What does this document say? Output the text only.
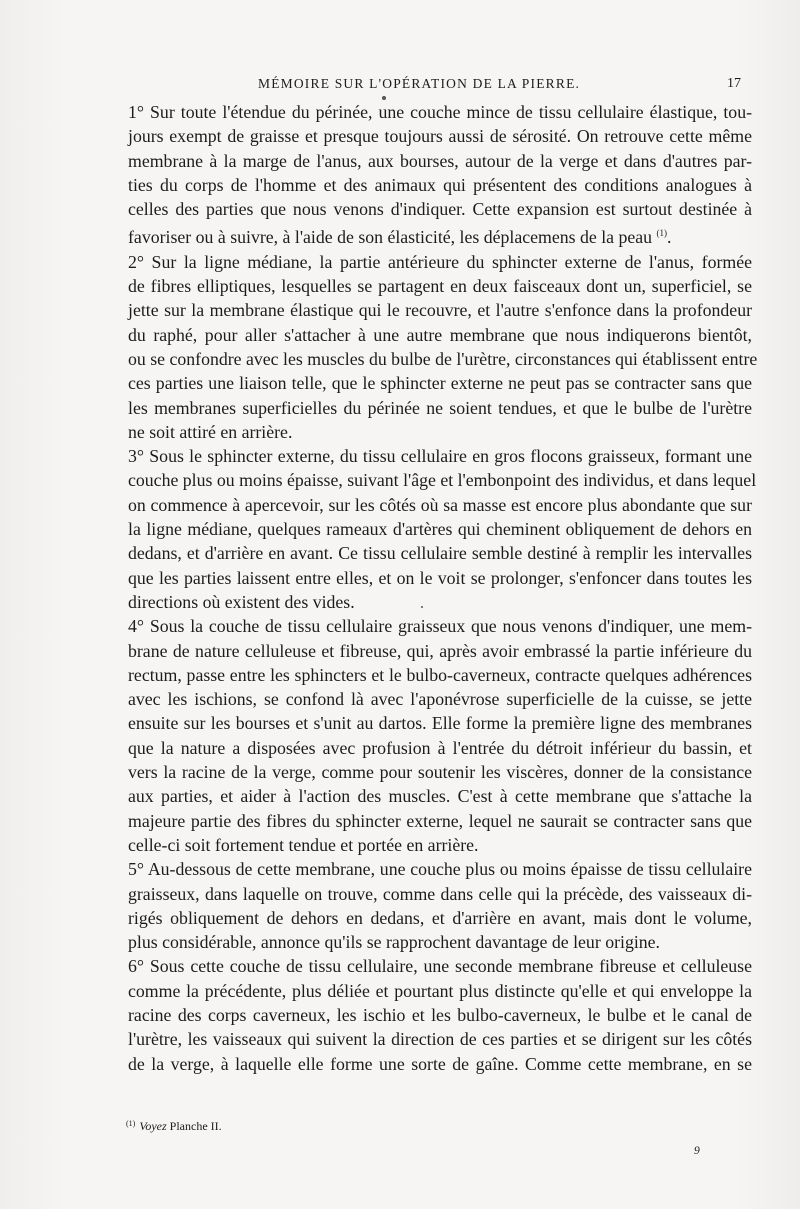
MÉMOIRE SUR L'OPÉRATION DE LA PIERRE.	17

1° Sur toute l'étendue du périnée, une couche mince de tissu cellulaire élastique, tou-
jours exempt de graisse et presque toujours aussi de sérosité. On retrouve cette même
membrane à la marge de l'anus, aux bourses, autour de la verge et dans d'autres par-
ties du corps de l'homme et des animaux qui présentent des conditions analogues à
celles des parties que nous venons d'indiquer. Cette expansion est surtout destinée à
favoriser ou à suivre, à l'aide de son élasticité, les déplacemens de la peau $^{(1)}$.

2° Sur la ligne médiane, la partie antérieure du sphincter externe de l'anus, formée
de fibres elliptiques, lesquelles se partagent en deux faisceaux dont un, superficiel, se
jette sur la membrane élastique qui le recouvre, et l'autre s'enfonce dans la profondeur
du raphé, pour aller s'attacher à une autre membrane que nous indiquerons bientôt,
ou se confondre avec les muscles du bulbe de l'urètre, circonstances qui établissent entre
ces parties une liaison telle, que le sphincter externe ne peut pas se contracter sans que
les membranes superficielles du périnée ne soient tendues, et que le bulbe de l'urètre
ne soit attiré en arrière.

3° Sous le sphincter externe, du tissu cellulaire en gros flocons graisseux, formant une
couche plus ou moins épaisse, suivant l'âge et l'embonpoint des individus, et dans lequel
on commence à apercevoir, sur les côtés où sa masse est encore plus abondante que sur
la ligne médiane, quelques rameaux d'artères qui cheminent obliquement de dehors en
dedans, et d'arrière en avant. Ce tissu cellulaire semble destiné à remplir les intervalles
que les parties laissent entre elles, et on le voit se prolonger, s'enfoncer dans toutes les
directions où existent des vides.

4° Sous la couche de tissu cellulaire graisseux que nous venons d'indiquer, une mem-
brane de nature celluleuse et fibreuse, qui, après avoir embrassé la partie inférieure du
rectum, passe entre les sphincters et le bulbo-caverneux, contracte quelques adhérences
avec les ischions, se confond là avec l'aponévrose superficielle de la cuisse, se jette
ensuite sur les bourses et s'unit au dartos. Elle forme la première ligne des membranes
que la nature a disposées avec profusion à l'entrée du détroit inférieur du bassin, et
vers la racine de la verge, comme pour soutenir les viscères, donner de la consistance
aux parties, et aider à l'action des muscles. C'est à cette membrane que s'attache la
majeure partie des fibres du sphincter externe, lequel ne saurait se contracter sans que
celle-ci soit fortement tendue et portée en arrière.

5° Au-dessous de cette membrane, une couche plus ou moins épaisse de tissu cellulaire
graisseux, dans laquelle on trouve, comme dans celle qui la précède, des vaisseaux di-
rigés obliquement de dehors en dedans, et d'arrière en avant, mais dont le volume,
plus considérable, annonce qu'ils se rapprochent davantage de leur origine.

6° Sous cette couche de tissu cellulaire, une seconde membrane fibreuse et celluleuse
comme la précédente, plus déliée et pourtant plus distincte qu'elle et qui enveloppe la
racine des corps caverneux, les ischio et les bulbo-caverneux, le bulbe et le canal de
l'urètre, les vaisseaux qui suivent la direction de ces parties et se dirigent sur les côtés
de la verge, à laquelle elle forme une sorte de gaîne. Comme cette membrane, en se

$^{(1)}$ Voyez Planche II.
9
